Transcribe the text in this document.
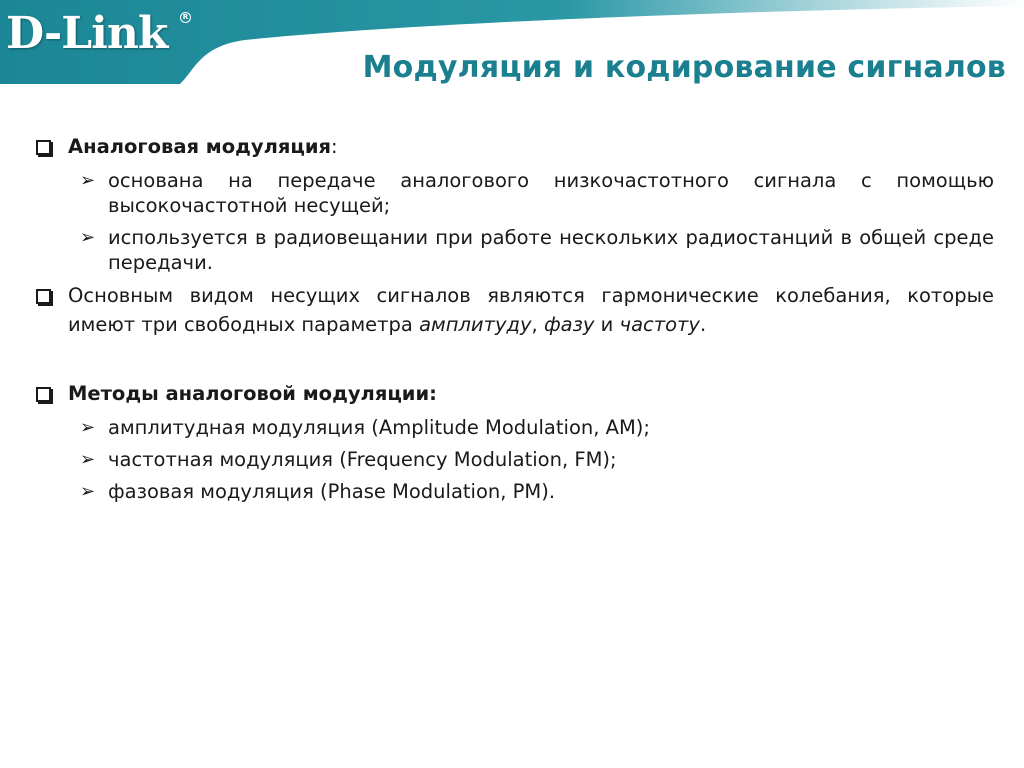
D-Link	R
Модуляция и кодирование сигналов
Аналоговая модуляция:
➢ основана на передаче аналогового низкочастотного сигнала с помощью высокочастотной несущей;
➢ используется в радиовещании при работе нескольких радиостанций в общей среде передачи.
Основным видом несущих сигналов являются гармонические колебания, которые имеют три свободных параметра амплитуду, фазу и частоту.
Методы аналоговой модуляции:
➢ амплитудная модуляция (Amplitude Modulation, AM);
➢ частотная модуляция (Frequency Modulation, FM);
➢ фазовая модуляция (Phase Modulation, PM).
